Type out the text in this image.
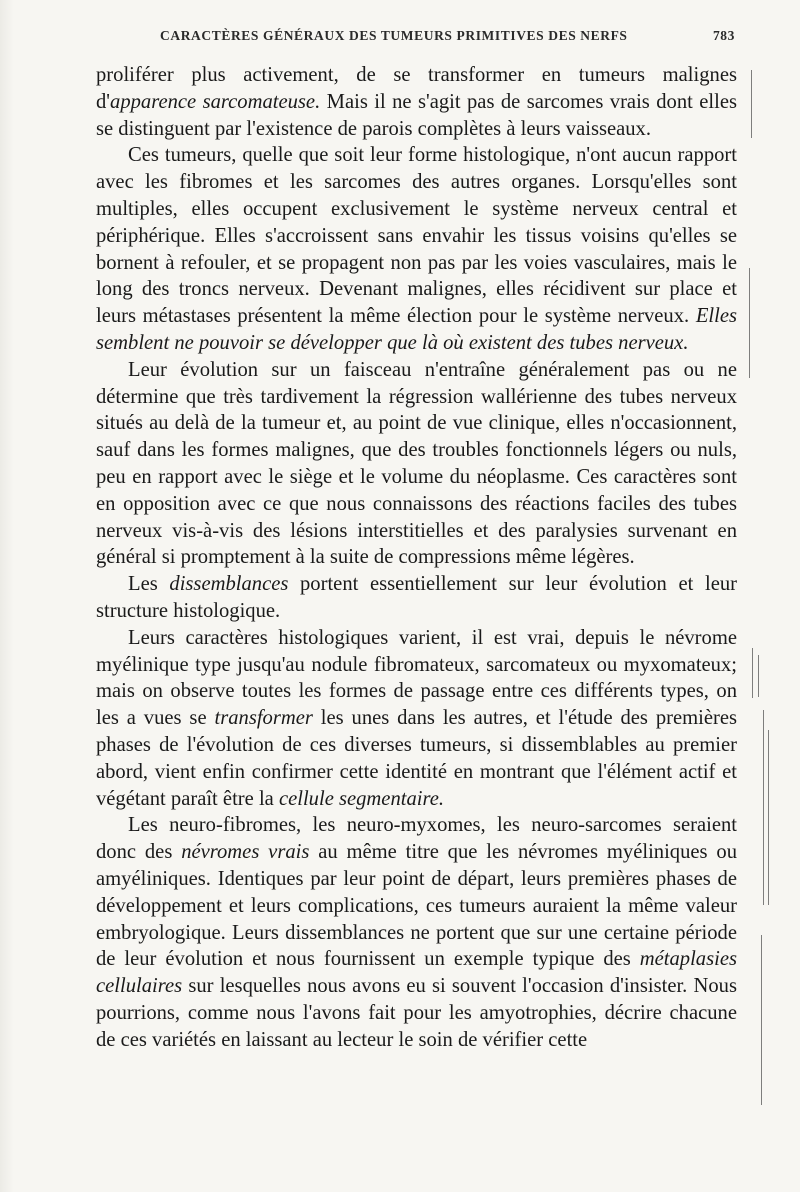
CARACTÈRES GÉNÉRAUX DES TUMEURS PRIMITIVES DES NERFS	783

proliférer plus activement, de se transformer en tumeurs malignes d'apparence sarcomateuse. Mais il ne s'agit pas de sarcomes vrais dont elles se distinguent par l'existence de parois complètes à leurs vaisseaux.

Ces tumeurs, quelle que soit leur forme histologique, n'ont aucun rapport avec les fibromes et les sarcomes des autres organes. Lorsqu'elles sont multiples, elles occupent exclusivement le système nerveux central et périphérique. Elles s'accroissent sans envahir les tissus voisins qu'elles se bornent à refouler, et se propagent non pas par les voies vasculaires, mais le long des troncs nerveux. Devenant malignes, elles récidivent sur place et leurs métastases présentent la même élection pour le système nerveux. Elles semblent ne pouvoir se développer que là où existent des tubes nerveux.

Leur évolution sur un faisceau n'entraîne généralement pas ou ne détermine que très tardivement la régression wallérienne des tubes nerveux situés au delà de la tumeur et, au point de vue clinique, elles n'occasionnent, sauf dans les formes malignes, que des troubles fonctionnels légers ou nuls, peu en rapport avec le siège et le volume du néoplasme. Ces caractères sont en opposition avec ce que nous connaissons des réactions faciles des tubes nerveux vis-à-vis des lésions interstitielles et des paralysies survenant en général si promptement à la suite de compressions même légères.

Les dissemblances portent essentiellement sur leur évolution et leur structure histologique.

Leurs caractères histologiques varient, il est vrai, depuis le névrome myélinique type jusqu'au nodule fibromateux, sarcomateux ou myxomateux; mais on observe toutes les formes de passage entre ces différents types, on les a vues se transformer les unes dans les autres, et l'étude des premières phases de l'évolution de ces diverses tumeurs, si dissemblables au premier abord, vient enfin confirmer cette identité en montrant que l'élément actif et végétant paraît être la cellule segmentaire.

Les neuro-fibromes, les neuro-myxomes, les neuro-sarcomes seraient donc des névromes vrais au même titre que les névromes myéliniques ou amyéliniques. Identiques par leur point de départ, leurs premières phases de développement et leurs complications, ces tumeurs auraient la même valeur embryologique. Leurs dissemblances ne portent que sur une certaine période de leur évolution et nous fournissent un exemple typique des métaplasies cellulaires sur lesquelles nous avons eu si souvent l'occasion d'insister. Nous pourrions, comme nous l'avons fait pour les amyotrophies, décrire chacune de ces variétés en laissant au lecteur le soin de vérifier cette
